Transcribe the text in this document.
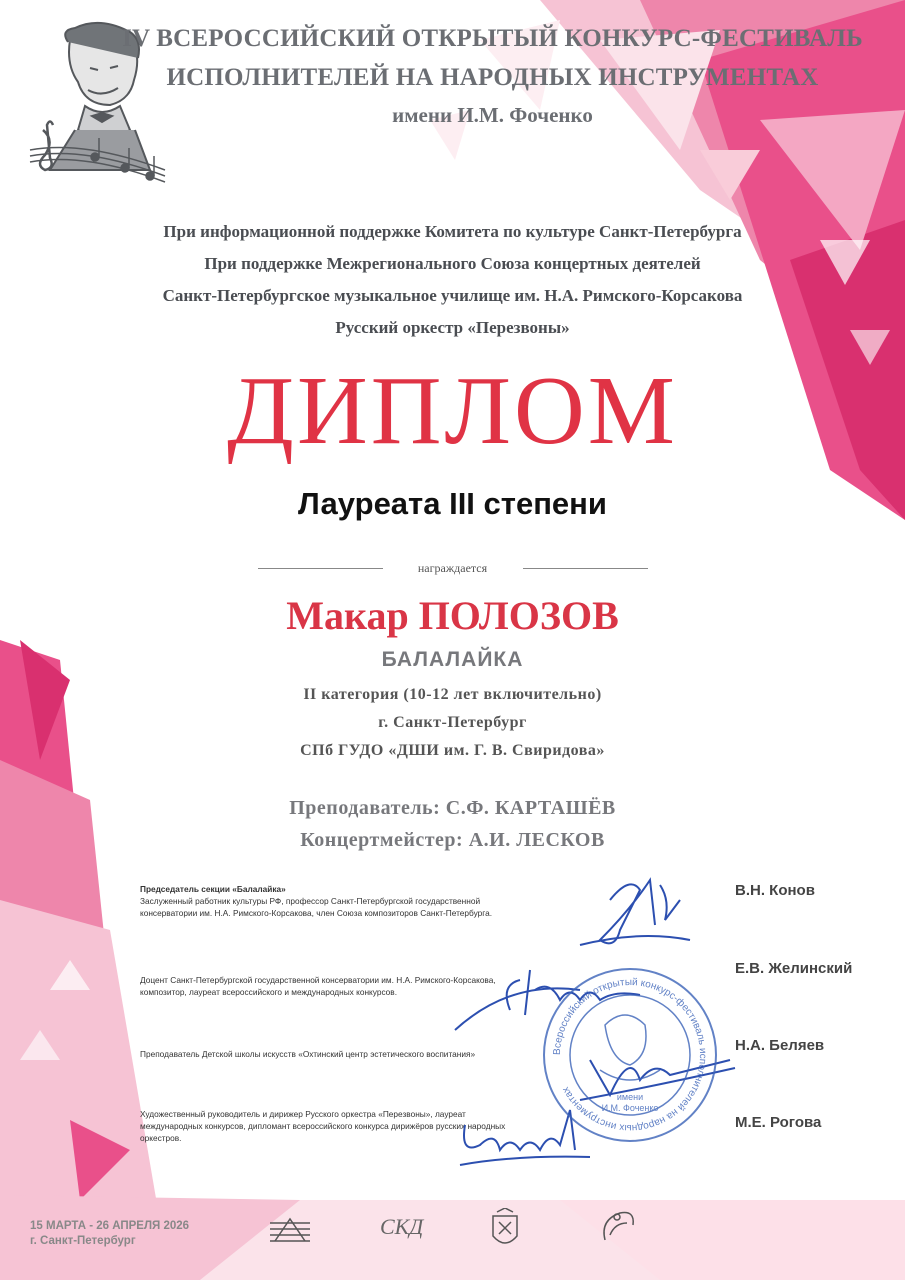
IV ВСЕРОССИЙСКИЙ ОТКРЫТЫЙ КОНКУРС-ФЕСТИВАЛЬ

ИСПОЛНИТЕЛЕЙ НА НАРОДНЫХ ИНСТРУМЕНТАХ

имени И.М. Фоченко

При информационной поддержке Комитета по культуре Санкт-Петербурга

При поддержке Межрегионального Союза концертных деятелей

Санкт-Петербургское музыкальное училище им. Н.А. Римского-Корсакова

Русский оркестр «Перезвоны»

ДИПЛОМ

Лауреата III степени

награждается

Макар ПОЛОЗОВ

БАЛАЛАЙКА

II категория (10-12 лет включительно)

г. Санкт-Петербург

СПб ГУДО «ДШИ им. Г. В. Свиридова»

Преподаватель: С.Ф. КАРТАШЁВ

Концертмейстер: А.И. ЛЕСКОВ

Председатель секции «Балалайка»
Заслуженный работник культуры РФ, профессор Санкт-Петербургской государственной консерватории им. Н.А. Римского-Корсакова, член Союза композиторов Санкт-Петербурга.
В.Н. Конов
Доцент Санкт-Петербургской государственной консерватории им. Н.А. Римского-Корсакова, композитор, лауреат всероссийского и международных конкурсов.
Е.В. Желинский
Преподаватель Детской школы искусств «Охтинский центр эстетического воспитания»	Н.А. Беляев
Художественный руководитель и дирижер Русского оркестра «Перезвоны», лауреат международных конкурсов, дипломант всероссийского конкурса дирижёров русских народных оркестров.
М.Е. Рогова
Всероссийский открытый конкурс-фестиваль исполнителей на народных инструментах
имени
И.М. Фоченко
15 МАРТА - 26 АПРЕЛЯ 2026
г. Санкт-Петербург
СКД
